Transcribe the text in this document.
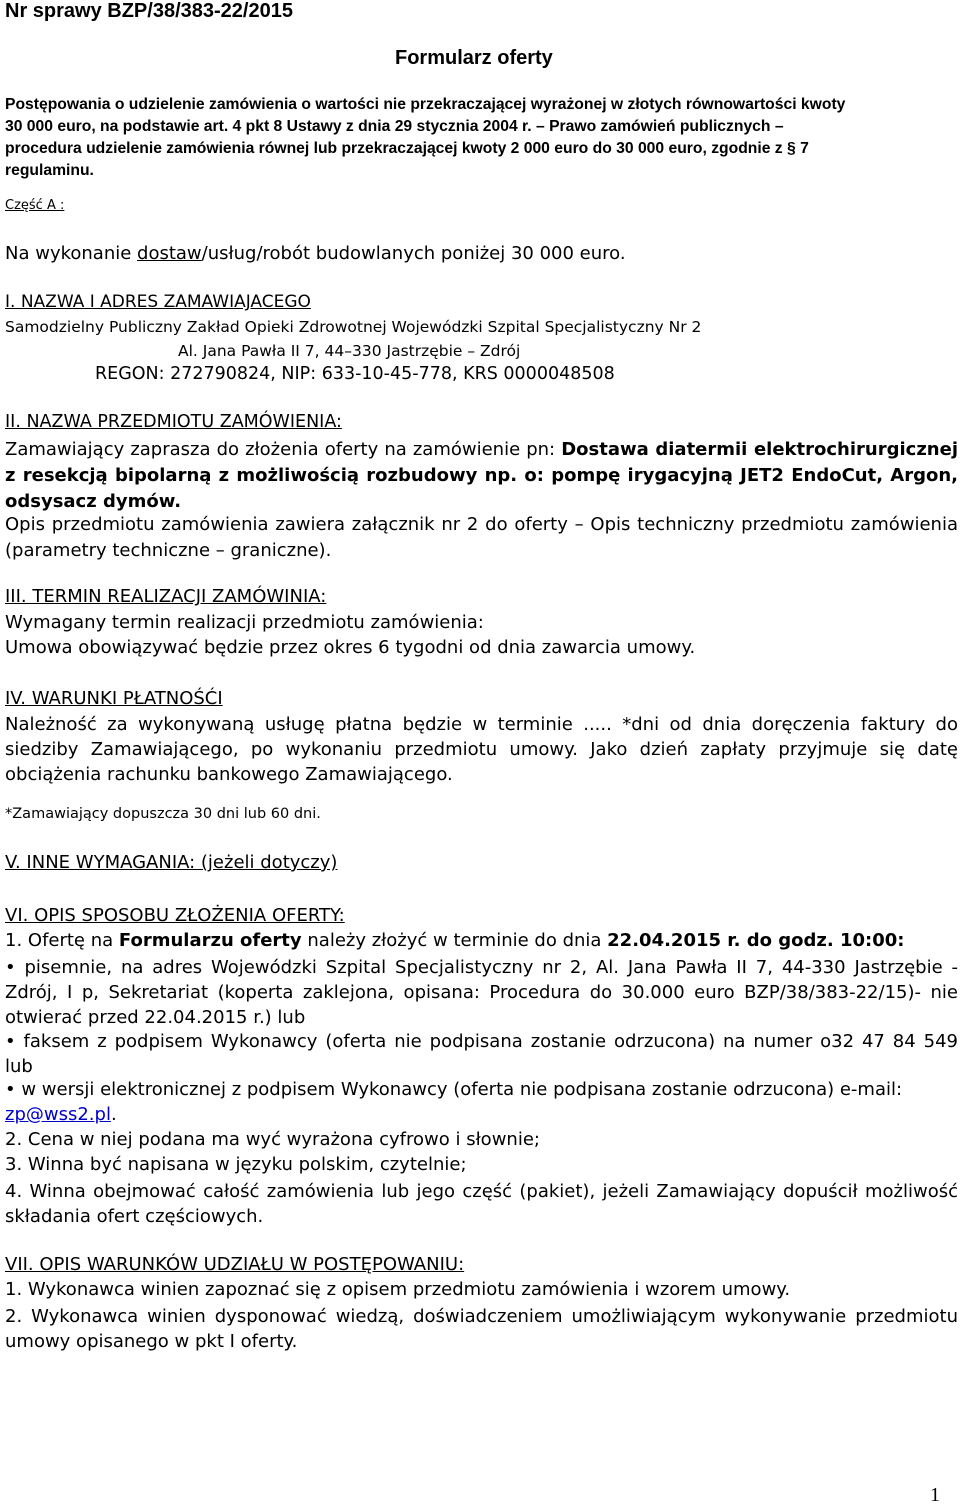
Nr sprawy BZP/38/383-22/2015
Formularz oferty
Postępowania o udzielenie zamówienia o wartości nie przekraczającej wyrażonej w złotych równowartości kwoty
30 000 euro, na podstawie art. 4 pkt 8 Ustawy z dnia 29 stycznia 2004 r. – Prawo zamówień publicznych –
procedura udzielenie zamówienia równej lub przekraczającej kwoty 2 000 euro do 30 000 euro, zgodnie z § 7
regulaminu.
Część A :
Na wykonanie dostaw/usług/robót budowlanych poniżej 30 000 euro.
I. NAZWA I ADRES ZAMAWIAJACEGO
Samodzielny Publiczny Zakład Opieki Zdrowotnej Wojewódzki Szpital Specjalistyczny Nr 2
Al. Jana Pawła II 7, 44–330 Jastrzębie – Zdrój
REGON: 272790824, NIP: 633-10-45-778, KRS 0000048508
II. NAZWA PRZEDMIOTU ZAMÓWIENIA:
Zamawiający zaprasza do złożenia oferty na zamówienie pn: Dostawa diatermii elektrochirurgicznej z resekcją bipolarną z możliwością rozbudowy np. o: pompę irygacyjną JET2 EndoCut, Argon, odsysacz dymów.
Opis przedmiotu zamówienia zawiera załącznik nr 2 do oferty – Opis techniczny przedmiotu zamówienia (parametry techniczne – graniczne).
III. TERMIN REALIZACJI ZAMÓWINIA:
Wymagany termin realizacji przedmiotu zamówienia:
Umowa obowiązywać będzie przez okres 6 tygodni od dnia zawarcia umowy.
IV. WARUNKI PŁATNOŚĆI
Należność za wykonywaną usługę płatna będzie w terminie ..... *dni od dnia doręczenia faktury do siedziby Zamawiającego, po wykonaniu przedmiotu umowy. Jako dzień zapłaty przyjmuje się datę obciążenia rachunku bankowego Zamawiającego.
*Zamawiający dopuszcza 30 dni lub 60 dni.
V. INNE WYMAGANIA: (jeżeli dotyczy)
VI. OPIS SPOSOBU ZŁOŻENIA OFERTY:
1. Ofertę na Formularzu oferty należy złożyć w terminie do dnia 22.04.2015 r. do godz. 10:00:
• pisemnie, na adres Wojewódzki Szpital Specjalistyczny nr 2, Al. Jana Pawła II 7, 44-330 Jastrzębie - Zdrój, I p, Sekretariat (koperta zaklejona, opisana: Procedura do 30.000 euro BZP/38/383-22/15)- nie otwierać przed 22.04.2015 r.) lub
• faksem z podpisem Wykonawcy (oferta nie podpisana zostanie odrzucona) na numer o32 47 84 549 lub
• w wersji elektronicznej z podpisem Wykonawcy (oferta nie podpisana zostanie odrzucona) e-mail:
zp@wss2.pl.
2. Cena w niej podana ma wyć wyrażona cyfrowo i słownie;
3. Winna być napisana w języku polskim, czytelnie;
4. Winna obejmować całość zamówienia lub jego część (pakiet), jeżeli Zamawiający dopuścił możliwość składania ofert częściowych.
VII. OPIS WARUNKÓW UDZIAŁU W POSTĘPOWANIU:
1. Wykonawca winien zapoznać się z opisem przedmiotu zamówienia i wzorem umowy.
2. Wykonawca winien dysponować wiedzą, doświadczeniem umożliwiającym wykonywanie przedmiotu umowy opisanego w pkt I oferty.
1
